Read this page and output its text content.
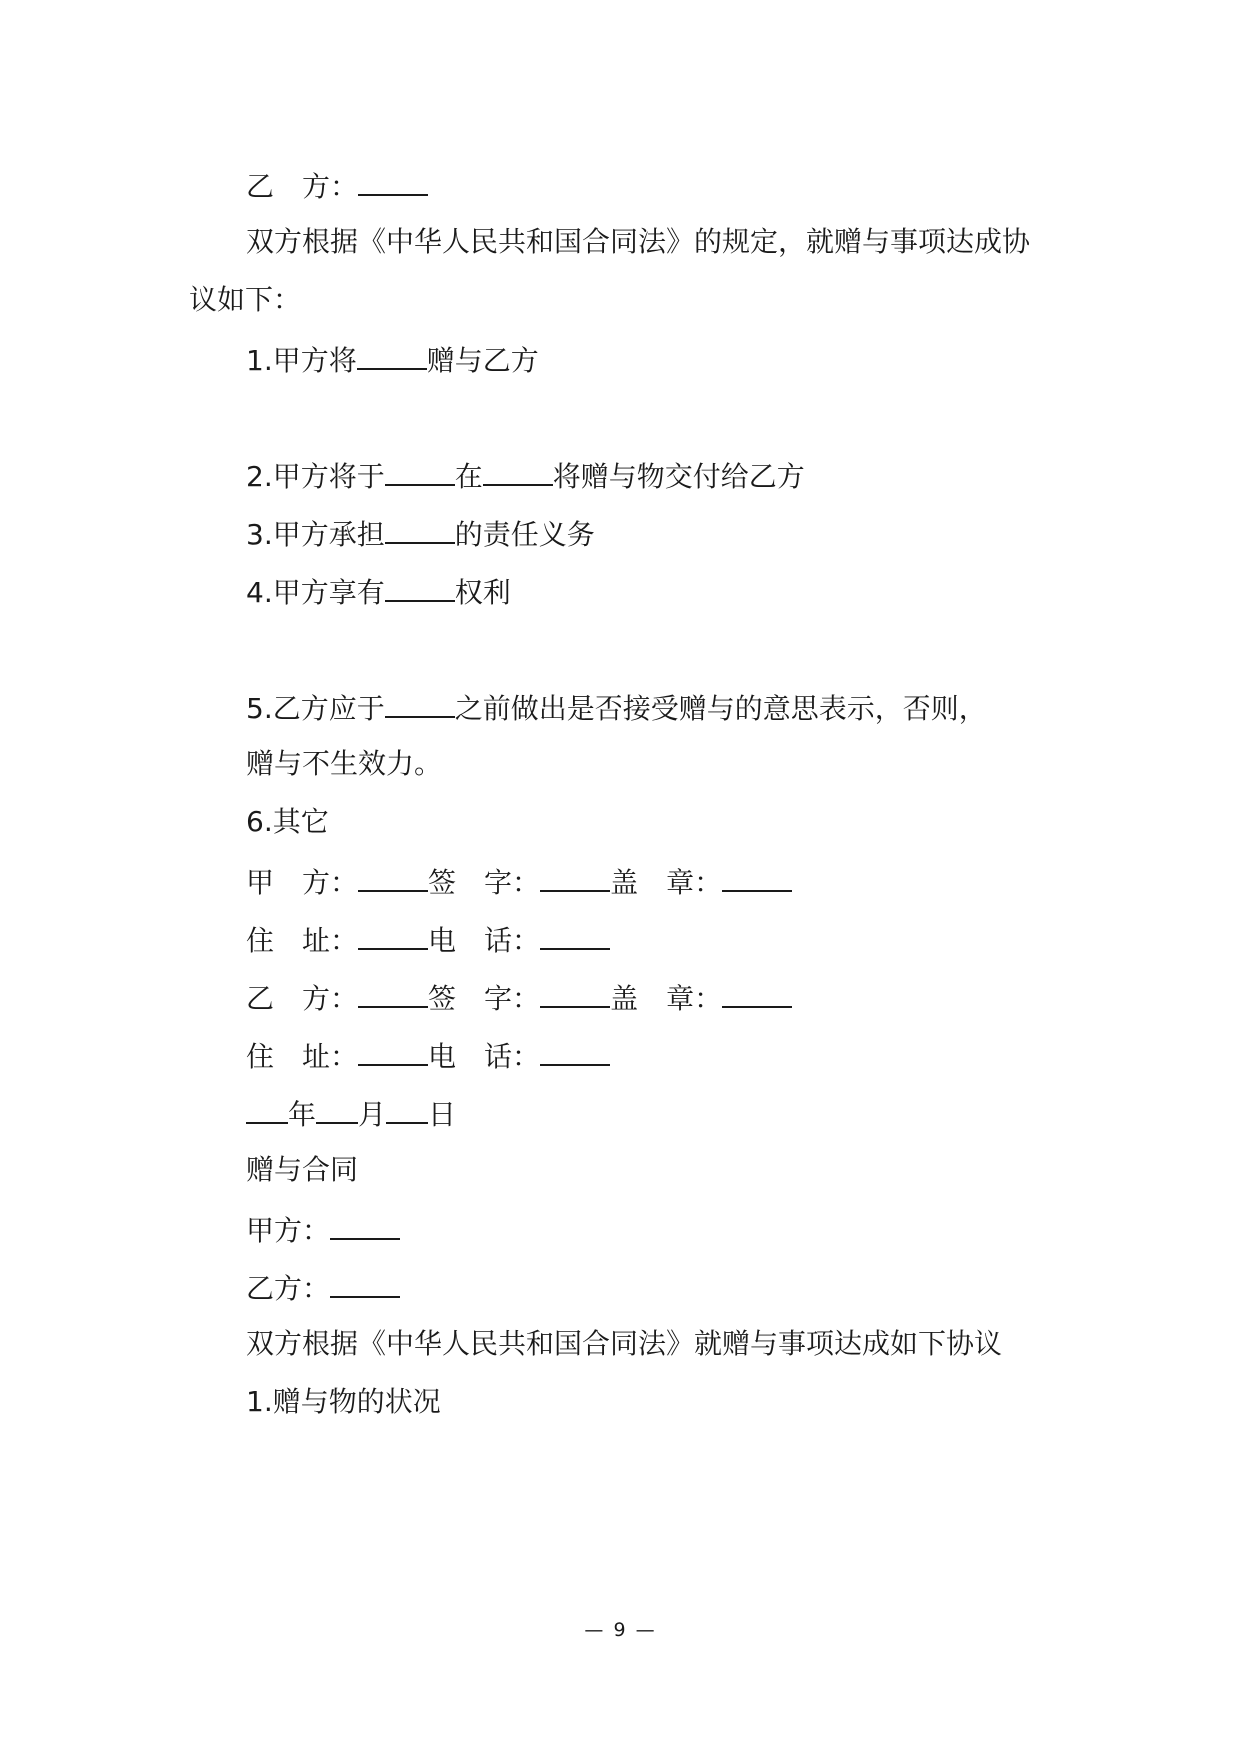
乙 方：
双方根据《中华人民共和国合同法》的规定，就赠与事项达成协
议如下：
1.甲方将	赠与乙方
2.甲方将于	在	将赠与物交付给乙方
3.甲方承担	的责任义务
4.甲方享有	权利
5.乙方应于	之前做出是否接受赠与的意思表示，否则，
赠与不生效力。
6.其它
甲 方：	签 字：	盖 章：
住 址：	电 话：
乙 方：	签 字：	盖 章：
住 址：	电 话：
年 月 日
赠与合同
甲方：
乙方：
双方根据《中华人民共和国合同法》就赠与事项达成如下协议
1.赠与物的状况
— 9 —
